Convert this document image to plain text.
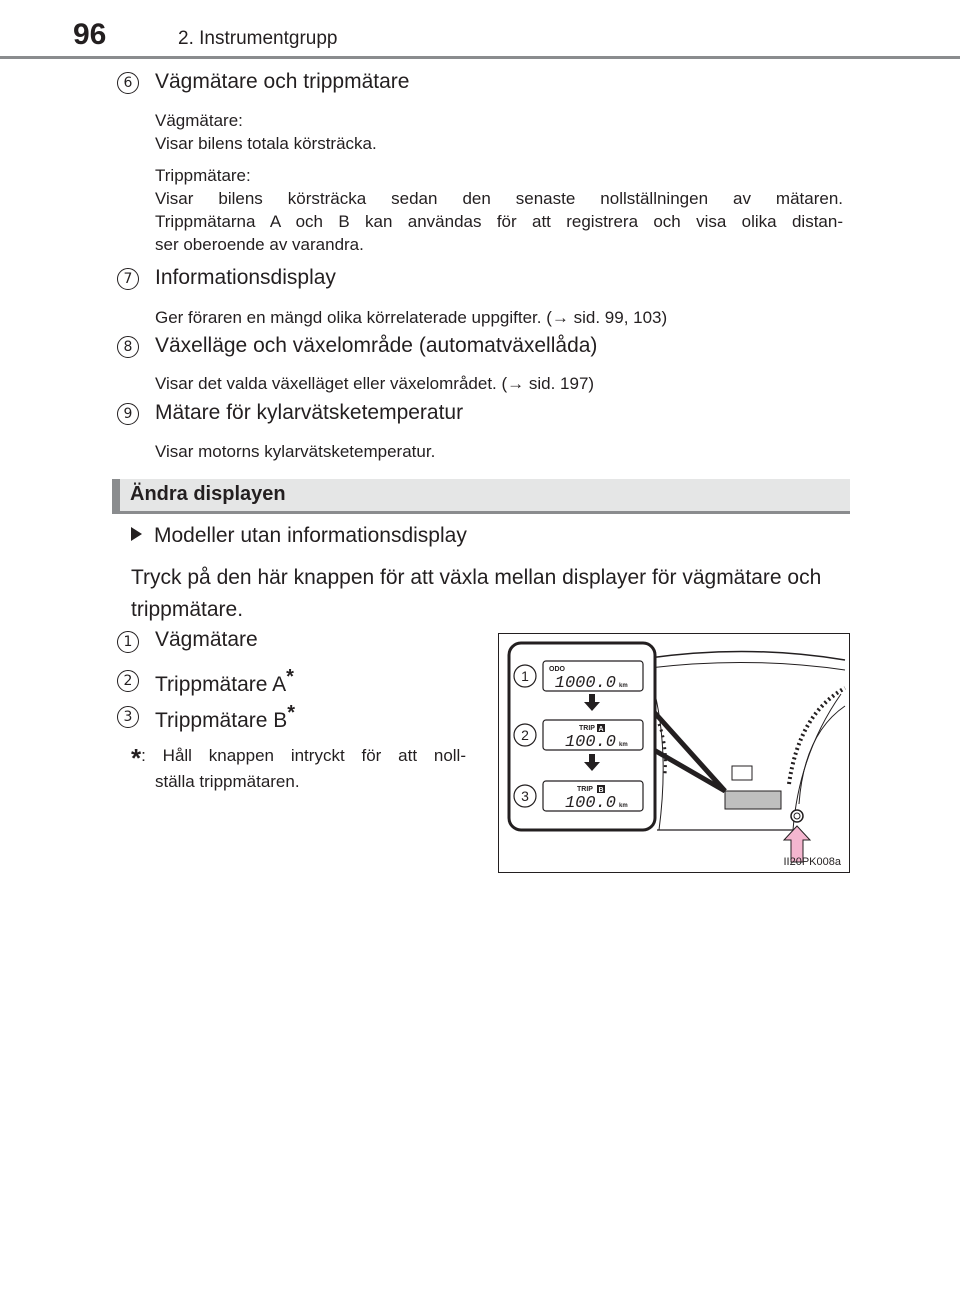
96	2. Instrumentgrupp
6	Vägmätare och trippmätare
Vägmätare:
Visar bilens totala körsträcka.
Trippmätare:
Visar bilens körsträcka sedan den senaste nollställningen av mätaren.
Trippmätarna A och B kan användas för att registrera och visa olika distan-
ser oberoende av varandra.
7	Informationsdisplay
Ger föraren en mängd olika körrelaterade uppgifter. (→ sid. 99, 103)
8	Växelläge och växelområde (automatväxellåda)
Visar det valda växelläget eller växelområdet. (→ sid. 197)
9	Mätare för kylarvätsketemperatur
Visar motorns kylarvätsketemperatur.
Ändra displayen
Modeller utan informationsdisplay
Tryck på den här knappen för att växla mellan displayer för vägmätare och trippmätare.
1	Vägmätare
2	Trippmätare A*
3	Trippmätare B*
*: Håll knappen intryckt för att noll-
ställa trippmätaren.
1	ODO
1000.0 km
2	TRIP A
100.0 km
3	TRIP B
100.0 km
II20PK008a
